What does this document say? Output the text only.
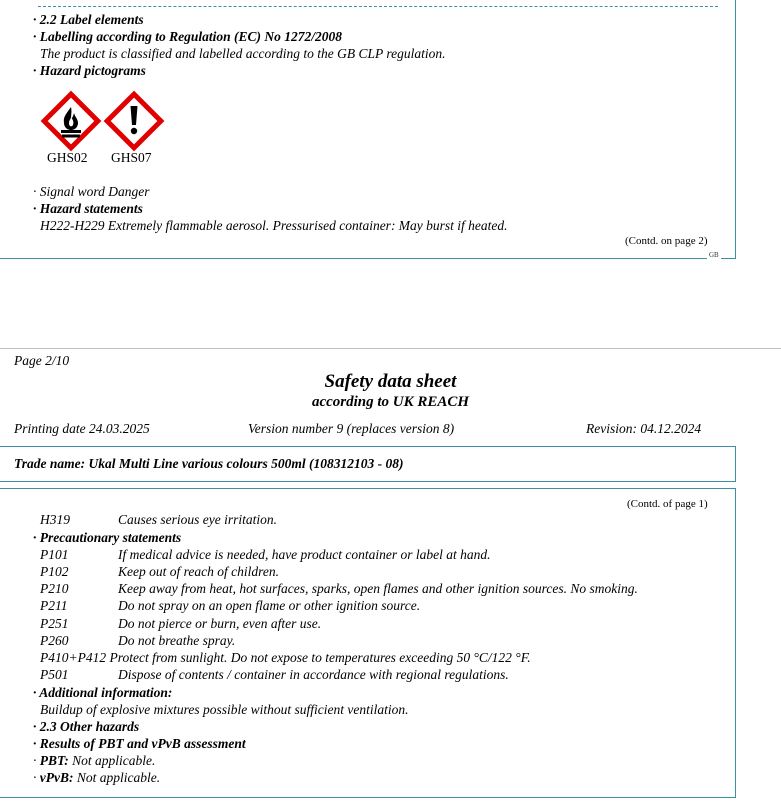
· 2.2 Label elements
· Labelling according to Regulation (EC) No 1272/2008
The product is classified and labelled according to the GB CLP regulation.
· Hazard pictograms
GHS02 GHS07
· Signal word Danger
· Hazard statements
H222-H229 Extremely flammable aerosol. Pressurised container: May burst if heated.
(Contd. on page 2)
GB
Page 2/10
Safety data sheet
according to UK REACH
Printing date 24.03.2025	Version number 9 (replaces version 8)	Revision: 04.12.2024
Trade name: Ukal Multi Line various colours 500ml (108312103 - 08)
(Contd. of page 1)
H319	Causes serious eye irritation.
· Precautionary statements
P101	If medical advice is needed, have product container or label at hand.
P102	Keep out of reach of children.
P210	Keep away from heat, hot surfaces, sparks, open flames and other ignition sources. No smoking.
P211	Do not spray on an open flame or other ignition source.
P251	Do not pierce or burn, even after use.
P260	Do not breathe spray.
P410+P412 Protect from sunlight. Do not expose to temperatures exceeding 50 °C/122 °F.
P501	Dispose of contents / container in accordance with regional regulations.
· Additional information:
Buildup of explosive mixtures possible without sufficient ventilation.
· 2.3 Other hazards
· Results of PBT and vPvB assessment
· PBT: Not applicable.
· vPvB: Not applicable.
